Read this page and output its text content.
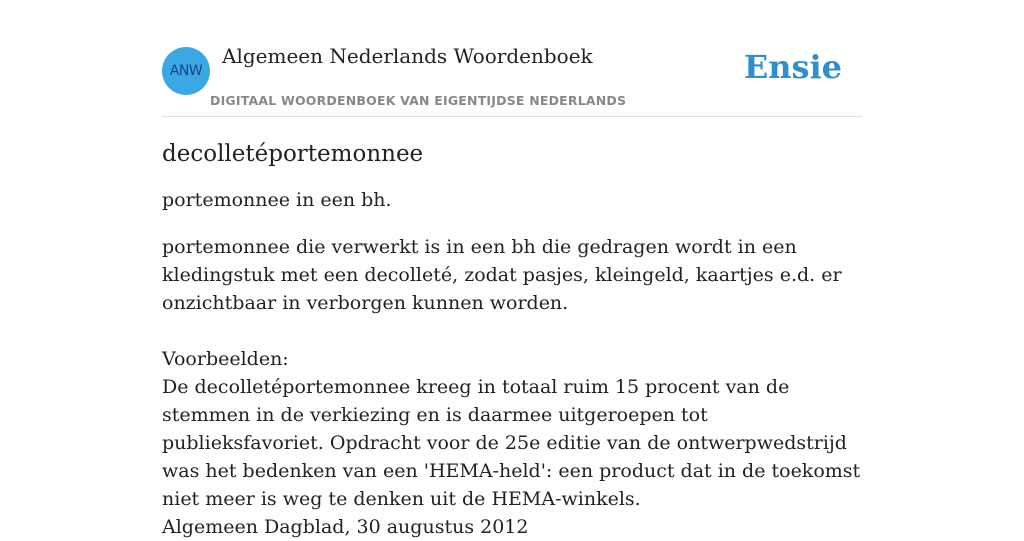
ANW
Algemeen Nederlands Woordenboek
DIGITAAL WOORDENBOEK VAN EIGENTIJDSE NEDERLANDS
Ensie
decolletéportemonnee
portemonnee in een bh.
portemonnee die verwerkt is in een bh die gedragen wordt in een kledingstuk met een decolleté, zodat pasjes, kleingeld, kaartjes e.d. er onzichtbaar in verborgen kunnen worden.
Voorbeelden:
De decolletéportemonnee kreeg in totaal ruim 15 procent van de stemmen in de verkiezing en is daarmee uitgeroepen tot publieksfavoriet. Opdracht voor de 25e editie van de ontwerpwedstrijd was het bedenken van een 'HEMA-held': een product dat in de toekomst niet meer is weg te denken uit de HEMA-winkels.
Algemeen Dagblad, 30 augustus 2012
